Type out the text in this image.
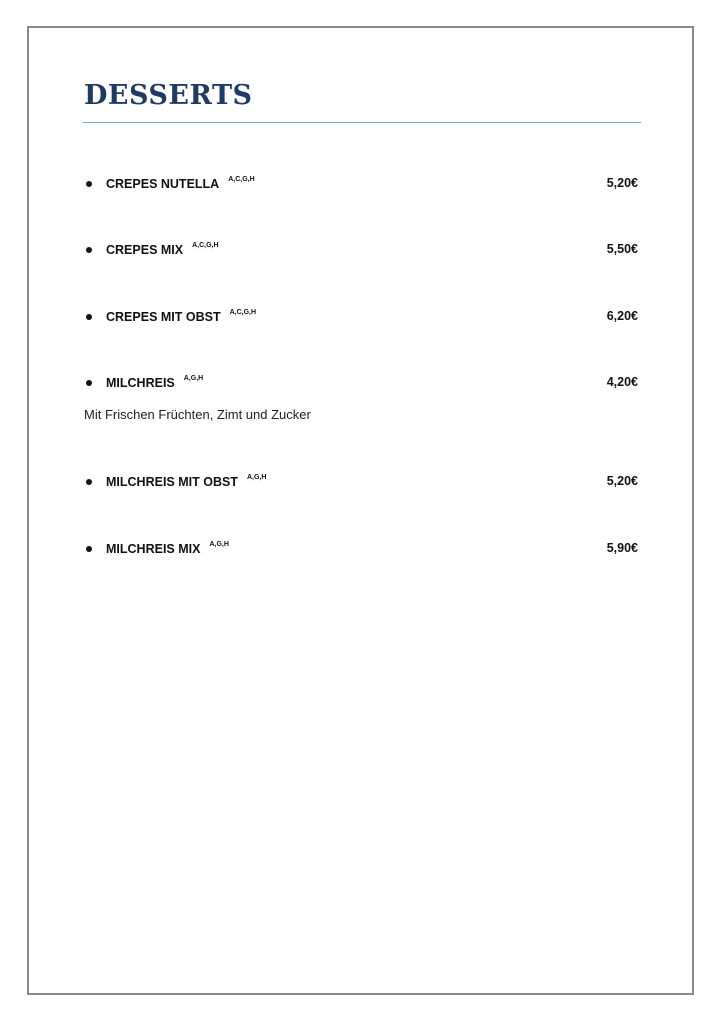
DESSERTS
CREPES NUTELLA $^{A,C,G,H}$	5,20€
CREPES MIX $^{A,C,G,H}$	5,50€
CREPES MIT OBST $^{A,C,G,H}$	6,20€
MILCHREIS $^{A,G,H}$	4,20€
Mit Frischen Früchten, Zimt und Zucker
MILCHREIS MIT OBST $^{A,G,H}$	5,20€
MILCHREIS MIX $^{A,G,H}$	5,90€
